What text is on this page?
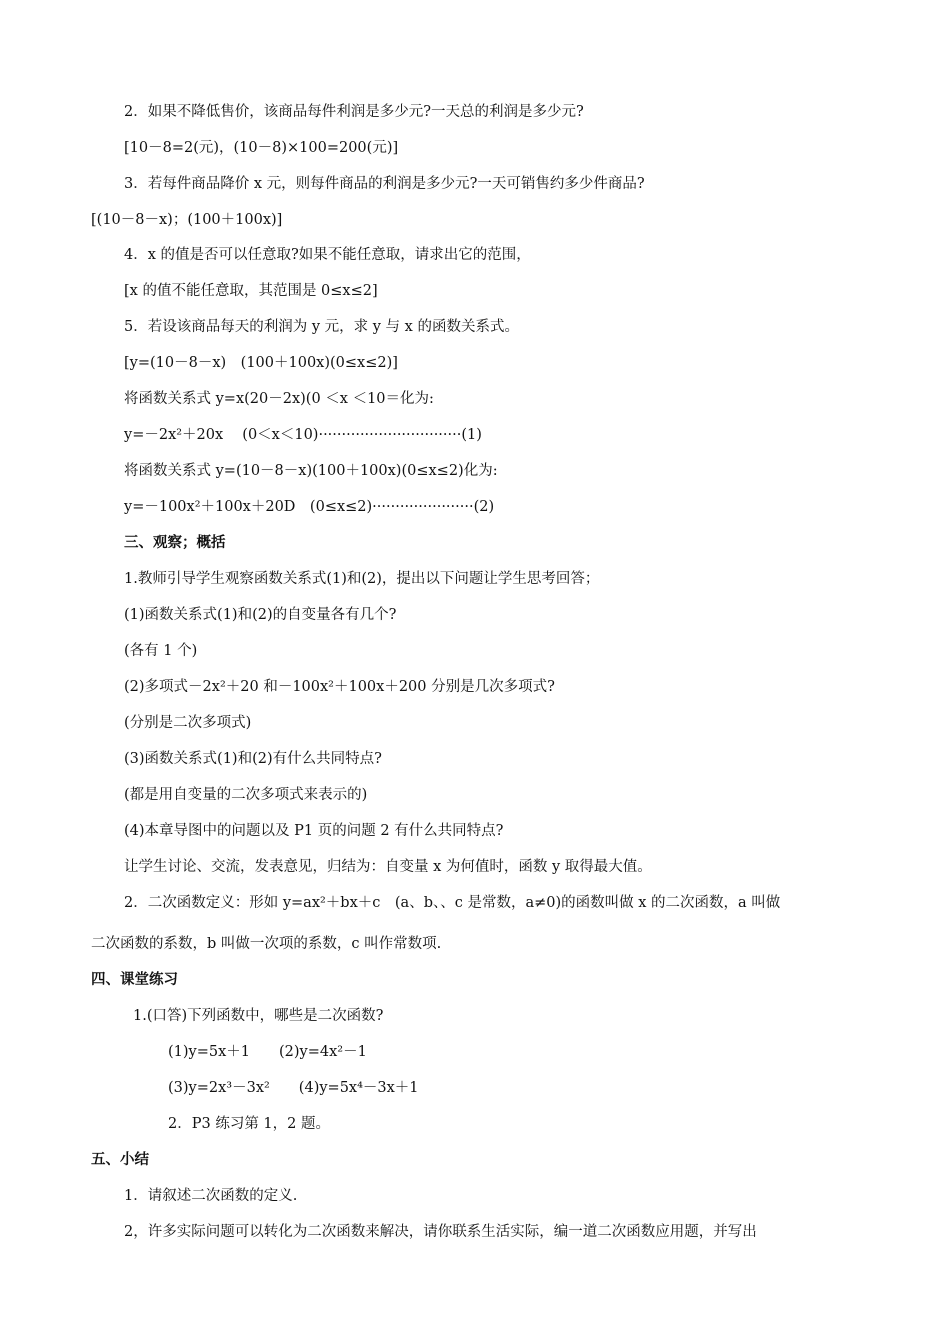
2．如果不降低售价，该商品每件利润是多少元?一天总的利润是多少元?
[10－8=2(元)，(10－8)×100=200(元)]
3．若每件商品降价 x 元，则每件商品的利润是多少元?一天可销售约多少件商品?
[(10－8－x)；(100＋100x)]
4．x 的值是否可以任意取?如果不能任意取，请求出它的范围，
[x 的值不能任意取，其范围是 0≤x≤2]
5．若设该商品每天的利润为 y 元，求 y 与 x 的函数关系式。
[y=(10－8－x)　(100＋100x)(0≤x≤2)]
将函数关系式 y=x(20－2x)(0 ＜x ＜10＝化为:
y=－2x²＋20x　 (0＜x＜10)·······························(1)
将函数关系式 y=(10－8－x)(100＋100x)(0≤x≤2)化为:
y=－100x²＋100x＋20D　(0≤x≤2)······················(2)
三、观察；概括
1.教师引导学生观察函数关系式(1)和(2)，提出以下问题让学生思考回答；
(1)函数关系式(1)和(2)的自变量各有几个?
(各有 1 个)
(2)多项式－2x²＋20 和－100x²＋100x＋200 分别是几次多项式?
(分别是二次多项式)
(3)函数关系式(1)和(2)有什么共同特点?
(都是用自变量的二次多项式来表示的)
(4)本章导图中的问题以及 P1 页的问题 2 有什么共同特点?
让学生讨论、交流，发表意见，归结为：自变量 x 为何值时，函数 y 取得最大值。
2．二次函数定义：形如 y=ax²＋bx＋c　(a、b、、c 是常数，a≠0)的函数叫做 x 的二次函数，a 叫做
二次函数的系数，b 叫做一次项的系数，c 叫作常数项.
四、课堂练习
1.(口答)下列函数中，哪些是二次函数?
(1)y=5x＋1　　(2)y=4x²－1
(3)y=2x³－3x²　　(4)y=5x⁴－3x＋1
2．P3 练习第 1，2 题。
五、小结
1．请叙述二次函数的定义.
2，许多实际问题可以转化为二次函数来解决，请你联系生活实际，编一道二次函数应用题，并写出
